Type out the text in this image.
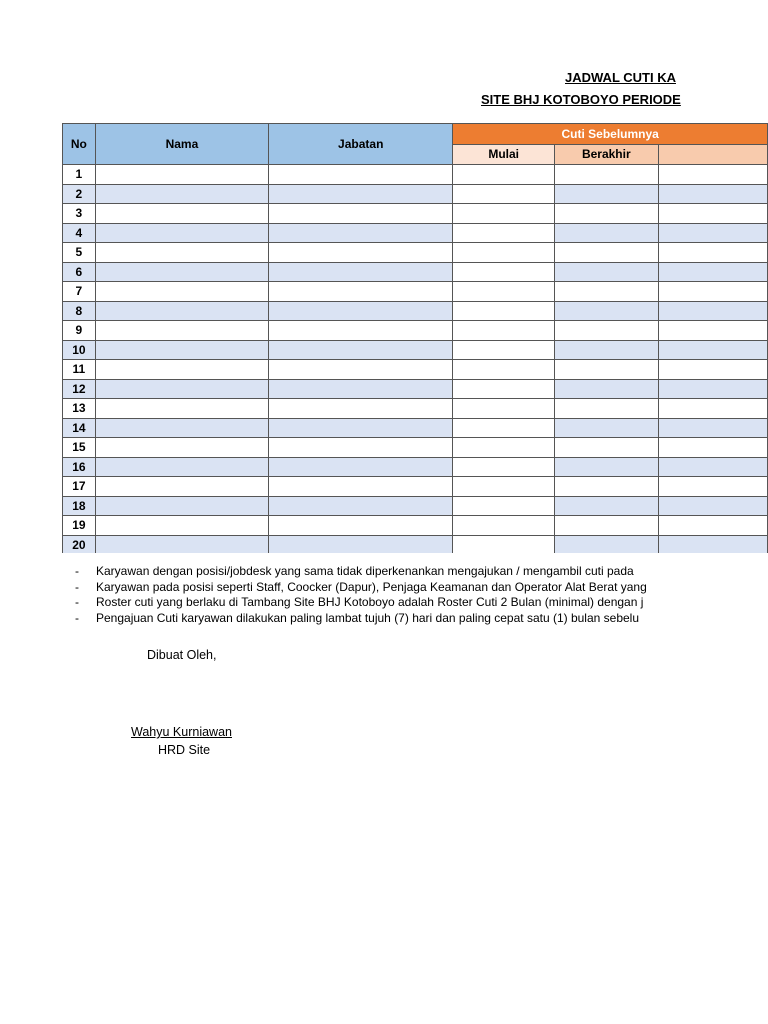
JADWAL CUTI KA
SITE BHJ KOTOBOYO PERIODE
No	Nama	Jabatan	Cuti Sebelumnya		
			Mulai	Berakhir	
1					
2					
3					
4					
5					
6					
7					
8					
9					
10					
11					
12					
13					
14					
15					
16					
17					
18					
19					
20					
-	Karyawan dengan posisi/jobdesk yang sama tidak diperkenankan mengajukan / mengambil cuti pada
-	Karyawan pada posisi seperti Staff, Coocker (Dapur), Penjaga Keamanan dan Operator Alat Berat yang
-	Roster cuti yang berlaku di Tambang Site BHJ Kotoboyo adalah Roster Cuti 2 Bulan (minimal) dengan j
-	Pengajuan Cuti karyawan dilakukan paling lambat tujuh (7) hari dan paling cepat satu (1) bulan sebelu
Dibuat Oleh,
Wahyu Kurniawan
HRD Site
